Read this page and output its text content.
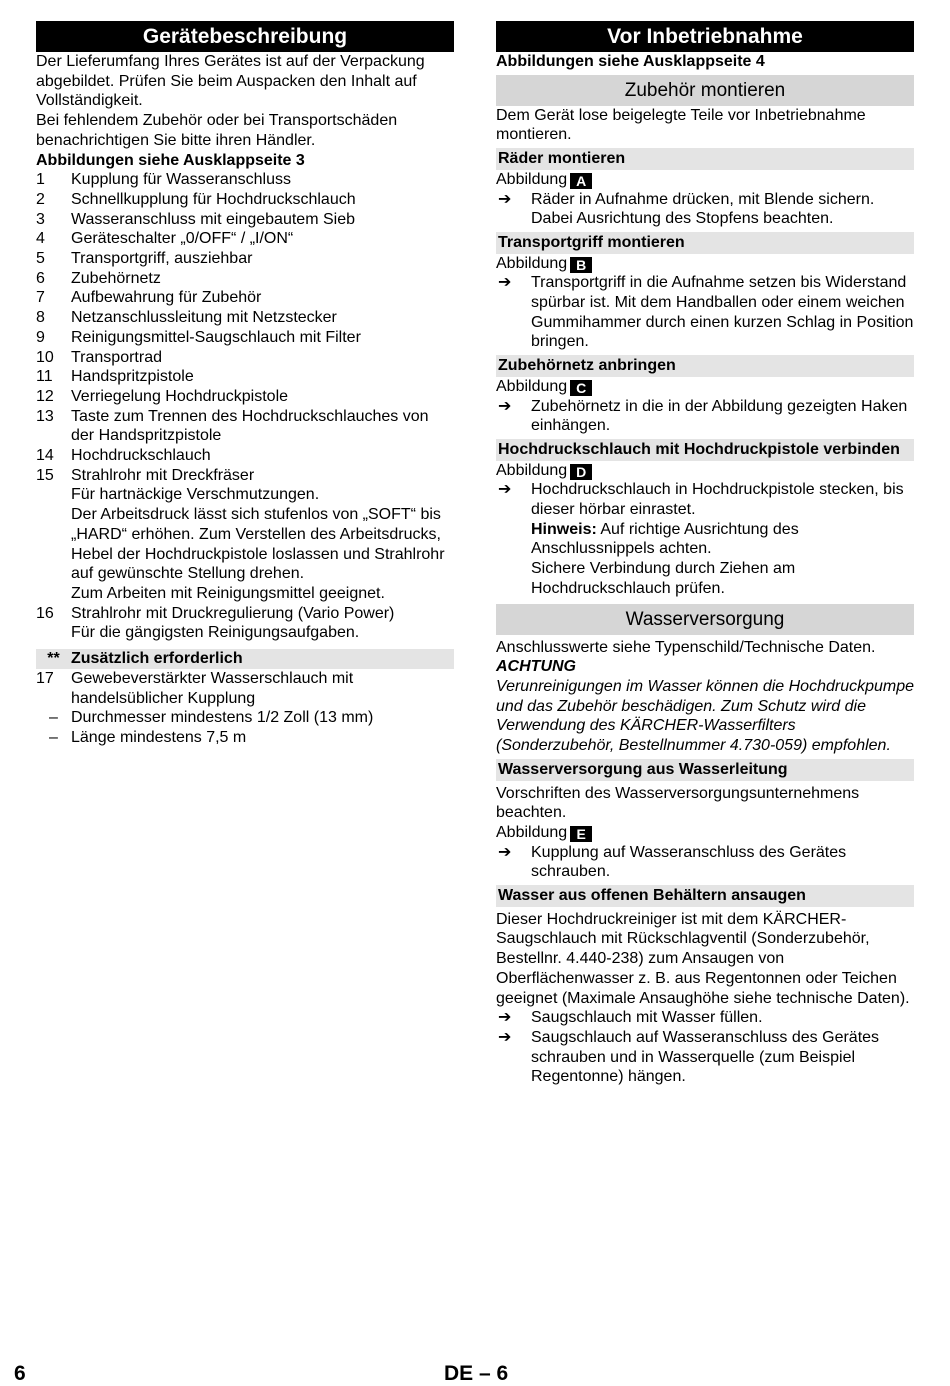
Gerätebeschreibung

Der Lieferumfang Ihres Gerätes ist auf der Verpackung abgebildet. Prüfen Sie beim Auspacken den Inhalt auf Vollständigkeit.

Bei fehlendem Zubehör oder bei Transportschäden benachrichtigen Sie bitte ihren Händler.

Abbildungen siehe Ausklappseite 3

1	Kupplung für Wasseranschluss
2	Schnellkupplung für Hochdruckschlauch
3	Wasseranschluss mit eingebautem Sieb
4	Geräteschalter „0/OFF“ / „I/ON“
5	Transportgriff, ausziehbar
6	Zubehörnetz
7	Aufbewahrung für Zubehör
8	Netzanschlussleitung mit Netzstecker
9	Reinigungsmittel-Saugschlauch mit Filter
10	Transportrad
11	Handspritzpistole
12	Verriegelung Hochdruckpistole
13	Taste zum Trennen des Hochdruckschlauches von der Handspritzpistole
14	Hochdruckschlauch
15	Strahlrohr mit Dreckfräser
Für hartnäckige Verschmutzungen.
Der Arbeitsdruck lässt sich stufenlos von „SOFT“ bis „HARD“ erhöhen. Zum Verstellen des Arbeitsdrucks, Hebel der Hochdruckpistole loslassen und Strahlrohr auf gewünschte Stellung drehen.
Zum Arbeiten mit Reinigungsmittel geeignet.
16	Strahlrohr mit Druckregulierung (Vario Power)
Für die gängigsten Reinigungsaufgaben.
** Zusätzlich erforderlich
17	Gewebeverstärkter Wasserschlauch mit handelsüblicher Kupplung
– Durchmesser mindestens 1/2 Zoll (13 mm)
– Länge mindestens 7,5 m
Vor Inbetriebnahme

Abbildungen siehe Ausklappseite 4

Zubehör montieren

Dem Gerät lose beigelegte Teile vor Inbetriebnahme montieren.

Räder montieren

Abbildung A

➔	Räder in Aufnahme drücken, mit Blende sichern. Dabei Ausrichtung des Stopfens beachten.
Transportgriff montieren

Abbildung B

➔	Transportgriff in die Aufnahme setzen bis Widerstand spürbar ist. Mit dem Handballen oder einem weichen Gummihammer durch einen kurzen Schlag in Position bringen.
Zubehörnetz anbringen

Abbildung C

➔	Zubehörnetz in die in der Abbildung gezeigten Haken einhängen.
Hochdruckschlauch mit Hochdruckpistole verbinden

Abbildung D

➔	Hochdruckschlauch in Hochdruckpistole stecken, bis dieser hörbar einrastet.
Hinweis: Auf richtige Ausrichtung des Anschlussnippels achten.
Sichere Verbindung durch Ziehen am Hochdruckschlauch prüfen.
Wasserversorgung

Anschlusswerte siehe Typenschild/Technische Daten.

ACHTUNG

Verunreinigungen im Wasser können die Hochdruckpumpe und das Zubehör beschädigen. Zum Schutz wird die Verwendung des KÄRCHER-Wasserfilters (Sonderzubehör, Bestellnummer 4.730-059) empfohlen.

Wasserversorgung aus Wasserleitung

Vorschriften des Wasserversorgungsunternehmens beachten.

Abbildung E

➔	Kupplung auf Wasseranschluss des Gerätes schrauben.
Wasser aus offenen Behältern ansaugen

Dieser Hochdruckreiniger ist mit dem KÄRCHER-Saugschlauch mit Rückschlagventil (Sonderzubehör, Bestellnr. 4.440-238) zum Ansaugen von Oberflächenwasser z. B. aus Regentonnen oder Teichen geeignet (Maximale Ansaughöhe siehe technische Daten).

➔	Saugschlauch mit Wasser füllen.
➔	Saugschlauch auf Wasseranschluss des Gerätes schrauben und in Wasserquelle (zum Beispiel Regentonne) hängen.
6	DE – 6
